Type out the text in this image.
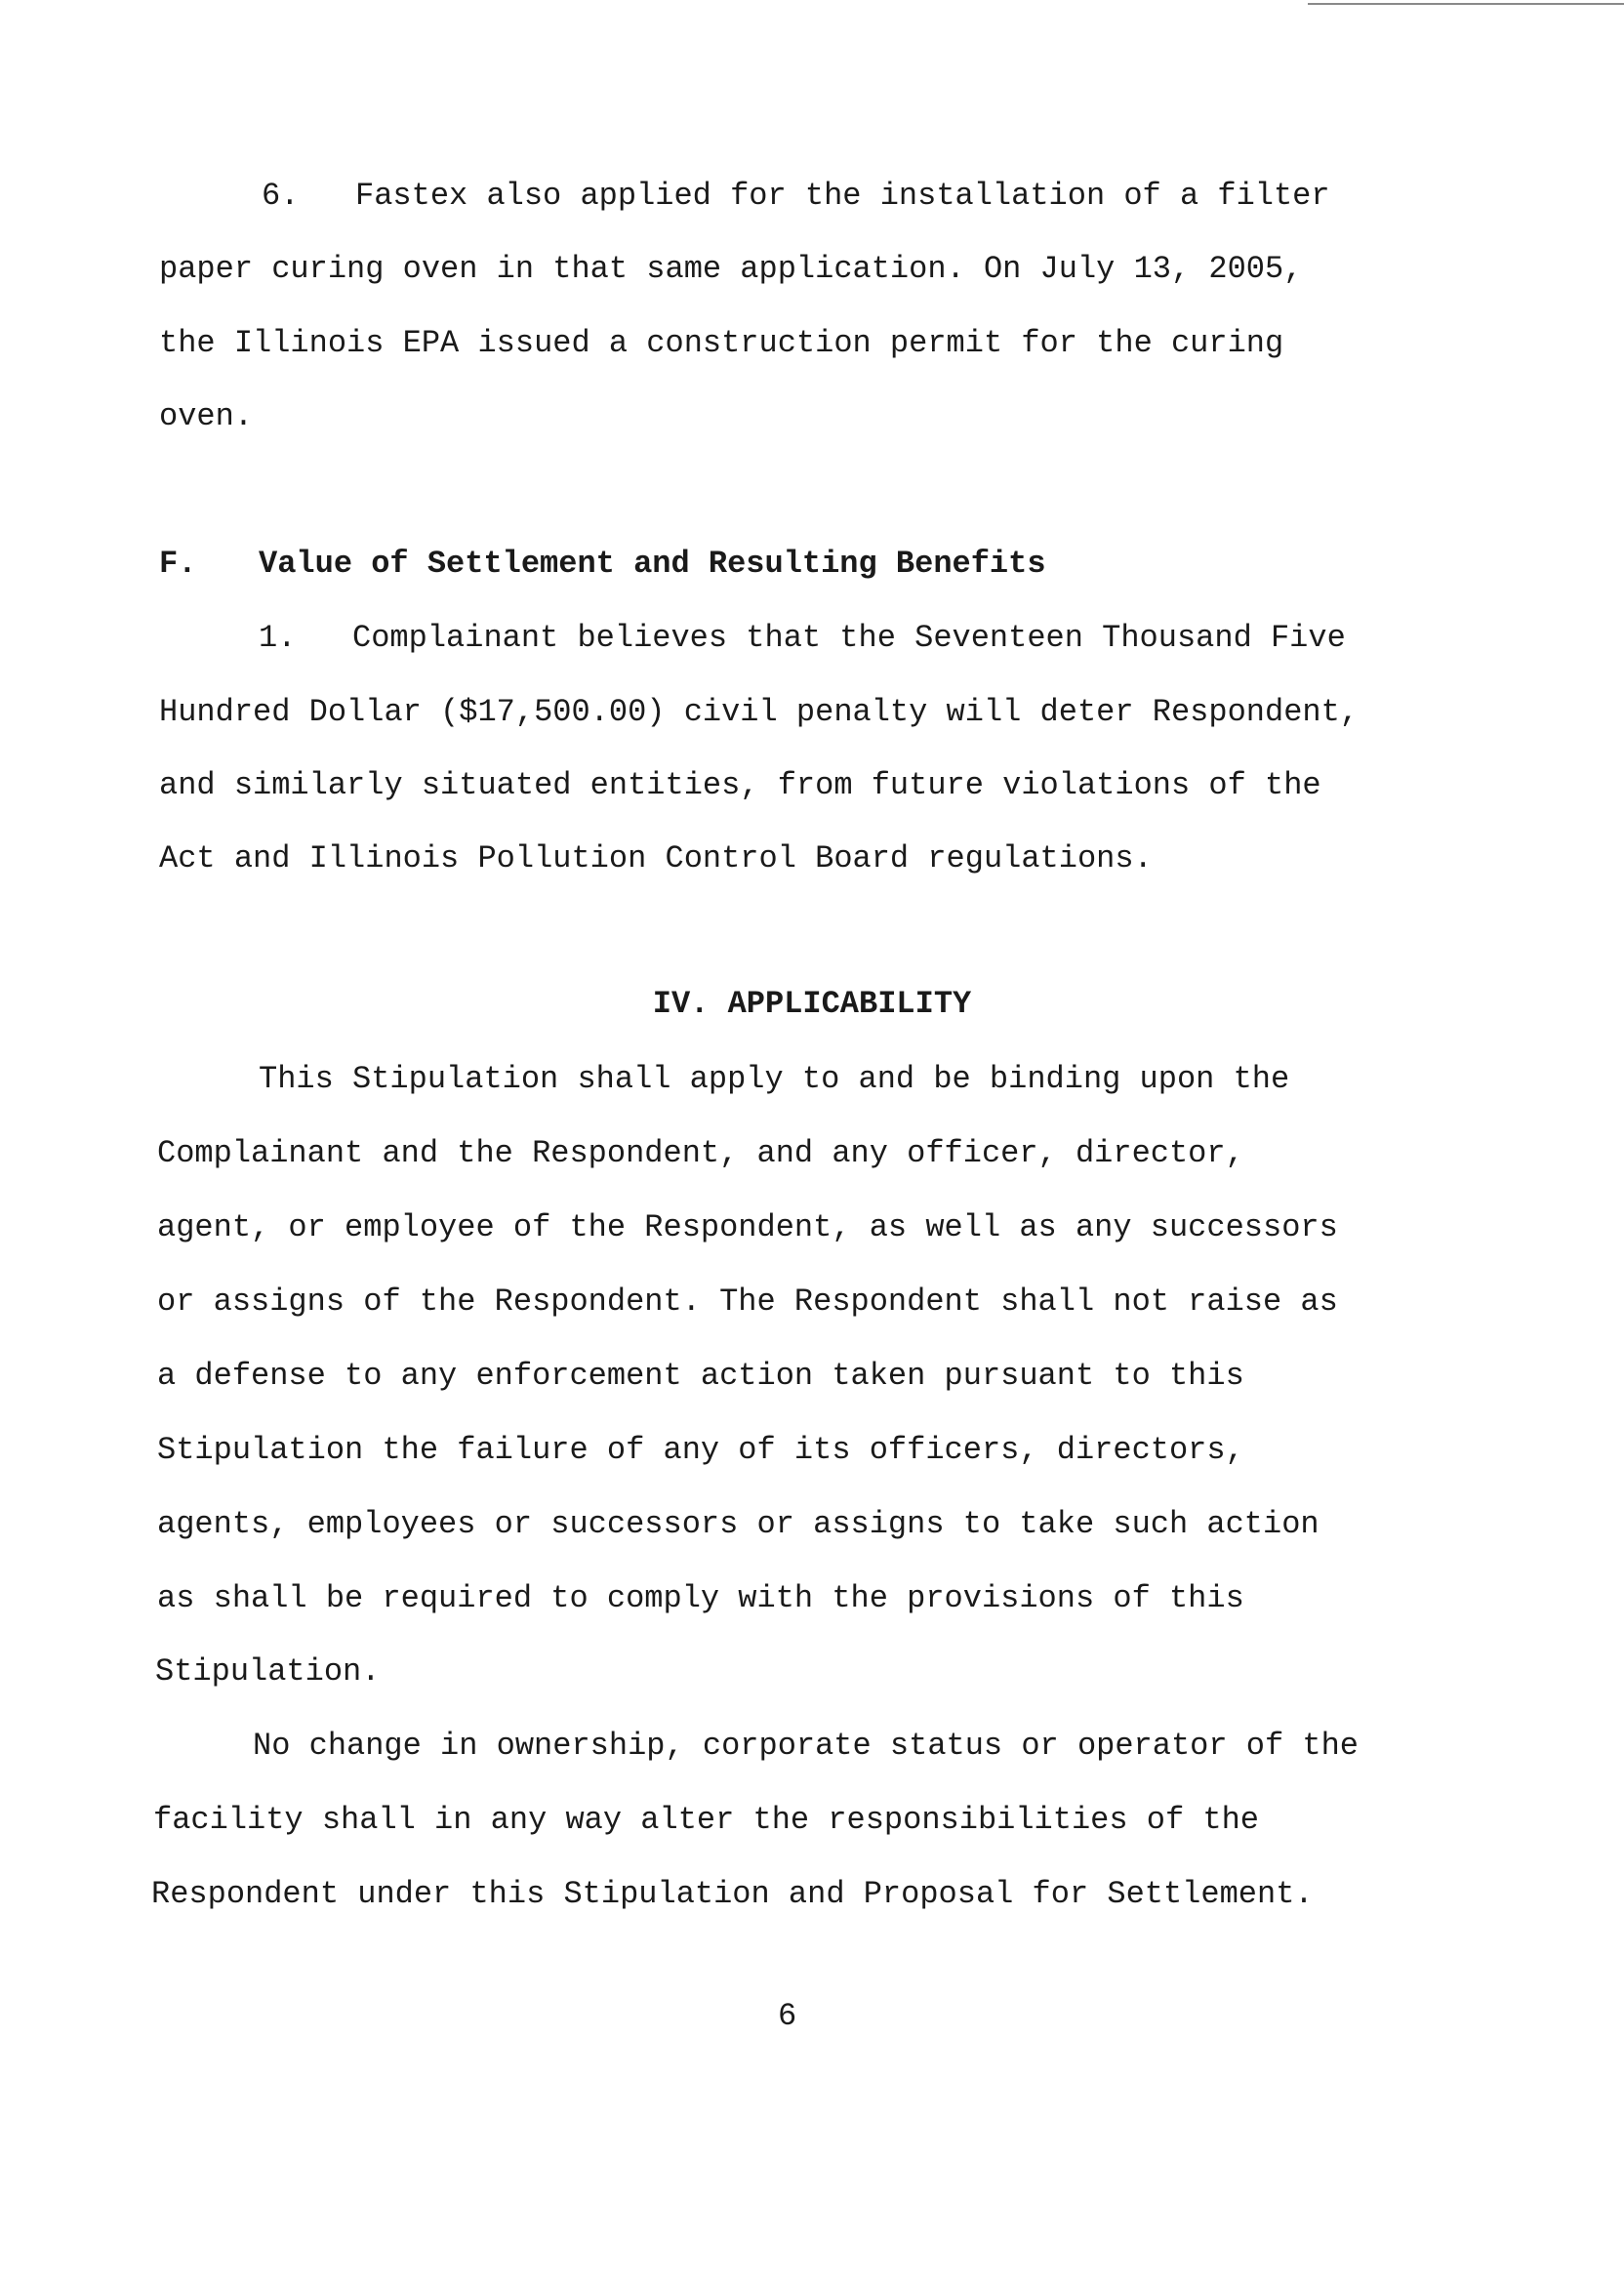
6.   Fastex also applied for the installation of a filter
paper curing oven in that same application. On July 13, 2005,
the Illinois EPA issued a construction permit for the curing
oven.
F. Value of Settlement and Resulting Benefits
1.   Complainant believes that the Seventeen Thousand Five
Hundred Dollar ($17,500.00) civil penalty will deter Respondent,
and similarly situated entities, from future violations of the
Act and Illinois Pollution Control Board regulations.
IV. APPLICABILITY
This Stipulation shall apply to and be binding upon the
Complainant and the Respondent, and any officer, director,
agent, or employee of the Respondent, as well as any successors
or assigns of the Respondent. The Respondent shall not raise as
a defense to any enforcement action taken pursuant to this
Stipulation the failure of any of its officers, directors,
agents, employees or successors or assigns to take such action
as shall be required to comply with the provisions of this
Stipulation.
No change in ownership, corporate status or operator of the
facility shall in any way alter the responsibilities of the
Respondent under this Stipulation and Proposal for Settlement.
6
